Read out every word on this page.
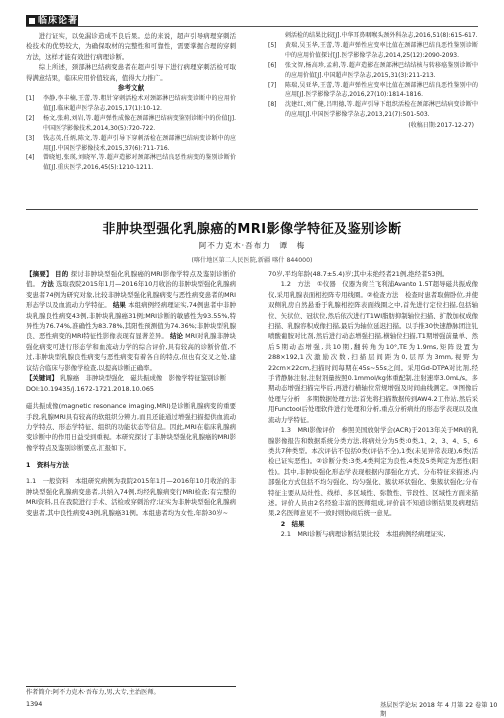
临床论著

进行证实，以免漏诊造成不良后果。总的来说，超声引导病理穿刺活检技术的优势较大，为确保取材的完整性和可靠性，需要掌握合理的穿刺方法，这样才能有效进行病理诊断。

综上所述，颈部淋巴结病变患者在超声引导下进行病理穿刺活检可取得满意结果，临床应用价值较高，值得大力推广。

参考文献
[1] 李静,李丰楠,王蕾,等.粗针穿刺活检术对颈部淋巴结病变诊断中的应用价值[J].临床超声医学杂志,2015,17(1):10-12.
[2] 杨文,张莉,刘岩,等.超声弹性成像在颈部淋巴结病变鉴别诊断中的价值[J].中国医学影像技术,2014,30(5):720-722.
[3] 钱志英,任炳,陈文,等.超声引导下穿刺活检在颈部淋巴结病变诊断中的应用[J].中国医学影像技术,2015,37(6):711-716.
[4] 曾晓旭,张瑛,刘晓军,等.超声造影对颈部淋巴结良恶性病变的鉴别诊断价值[J].重庆医学,2016,45(5):1210-1211.
刺活检的结果比较[J].中华耳鼻咽喉头颈外科杂志,2016,51(8):615-617.
[5] 黄瑞,吴玉华,王蕾,等.超声弹性应变率比值在颈部淋巴结良恶性鉴别诊断中的应用价值探讨[J].医学影像学杂志,2014,25(12):2090-2093.
[6] 张文智,杨高珍,孟莉,等.超声造影在颈部淋巴结结核与转移癌鉴别诊断中的应用价值[J].中国超声医学杂志,2015,31(3):211-213.
[7] 陈瑞,吴亚华,王蕾,等.超声弹性应变率比值在颈部淋巴结良恶性鉴别中的应用[J].医学影像学杂志,2016,27(10):1814-1816.
[8] 沈建红,刘广健,吕明德,等.超声引导下组织活检在颈部淋巴结病变诊断中的应用[J].中国医学影像学杂志,2013,21(7):501-503.
(收稿日期:2017-12-27)
非肿块型强化乳腺癌的MRI影像学特征及鉴别诊断
阿不力克木·吾布力　谭　梅
(喀什地区第二人民医院,新疆 喀什 844000)
【摘要】 目的 探讨非肿块型强化乳腺癌的MRI影像学特点及鉴别诊断价值。 方法 选取我院2015年1月—2016年10月收治的非肿块型强化乳腺病变患者74例为研究对象,比较非肿块型强化乳腺病变与恶性病变患者的MRI形态学以及血流动力学特征。 结果 本组病例经病理证实,74例患者中非肿块乳腺良性病变43例,非肿块乳腺癌31例;MRI诊断的敏感性为93.55%,特异性为76.74%,准确性为83.78%,其阳性预测值为74.36%;非肿块型乳腺良、恶性病变的MRI特征性影像表现有显著差异。 结论 MRI对乳腺非肿块强化病变可进行形态学和血流动力学的综合评价,具有较高的诊断价值,不过,非肿块型乳腺良性病变与恶性病变有着各自的特点,但也有交叉之处,建议结合临床与影像学检查,以提高诊断正确率。
【关键词】 乳腺癌　非肿块型强化　磁共振成像　影像学特征鉴别诊断
DOI:10.19435/j.1672-1721.2018.10.065

磁共振成像(magnetic resonance imaging,MRI)是诊断乳腺病变的重要手段,乳腺MRI具有较高的软组织分辨力,而且还能通过增强扫描提供血流动力学特点、形态学特征、组织的功能状态等信息。因此,MRI在临床乳腺病变诊断中的作用日益受到重视。本研究探讨了非肿块型强化乳腺癌的MRI影像学特点及鉴别诊断要点,汇报如下。

1　资料与方法

1.1　一般资料　本组研究病例为我院2015年1月—2016年10月收治的非肿块型强化乳腺病变患者,共纳入74例,均经乳腺病变行MRI检查;有完整的MRI资料,且在我院进行手术、活检或穿刺治疗;证实为非肿块型强化乳腺病变患者,其中良性病变43例,乳腺癌31例。本组患者均为女性,年龄30岁~

70岁,平均年龄(48.7±5.4)岁;其中未绝经者21例,绝经者53例。

1.2　方法　①仪器　仪器为荷兰飞利浦Avanto 1.5T超导磁共振成像仪,采用乳腺表面相控阵专用线圈。②检查方法　检查时患者取俯卧位,并使双侧乳房自然悬垂于乳腺相控阵表面线圈之中,首先进行定位扫描,包括轴位、矢状位、冠状位,然后依次进行T1WI脂肪抑制轴位扫描、扩散加权成像扫描、乳腺容积成像扫描,最后为轴位延迟扫描。以手推30快速静脉团注钆喷酸葡胺对比剂,然后进行动态增强扫描,横轴位扫描,T1期增强前量单、然后5期动态增强,共10期,翻转角为10°,TE为1.9ms,矩阵设置为288×192,1次激励次数,扫描层间距为0,层厚为3mm,视野为22cm×22cm,扫描时间每期在45s~55s之间。采用Gd-DTPA对比剂,经手背静脉注射,注射剂量按照0.1mmol/kg体重配制,注射速率3.0mL/s。多期动态增强扫描完毕后,再进行横轴位常规增强及时间曲线测定。③图像后处理与分析　多期数据处理方法:首先将扫描数据传到AW4.2工作站,然后采用Functool后处理软件进行处理和分析,重点分析病灶的形态学表现以及血流动力学特征。

1.3　MRI影像评价　参照美国放射学会(ACR)于2013年关于MRI的乳腺影像报告和数据系统分类方法,将病灶分为5类:0类,1、2、3、4、5、6类共7种类型。本次评估不包括0类(评估不全),1类(未见异常表现),6类(活检已证实恶性)。②诊断分类:3类,4类判定为良性,4类及5类判定为恶性(阳性)。其中,非肿块强化形态学表现根据内部强化方式、分布特征来描述,内部强化方式包括不均匀强化、均匀强化、簇状环状强化、集簇状强化;分布特征主要从局灶性、线样、多区域性、弥散性、节段性、区域性方面来描述。评价人员由2名经验丰富的医师组成,评价前不知道诊断结果及病理结果,2名医师意见不一致时则协商后统一意见。

2　结果

2.1　MRI诊断与病理诊断结果比较　本组病例经病理证实,

作者简介:阿不力克木·吾布力,男,大专,主治医师。
1394	基层医学论坛 2018 年 4 月第 22 卷第 10 期
